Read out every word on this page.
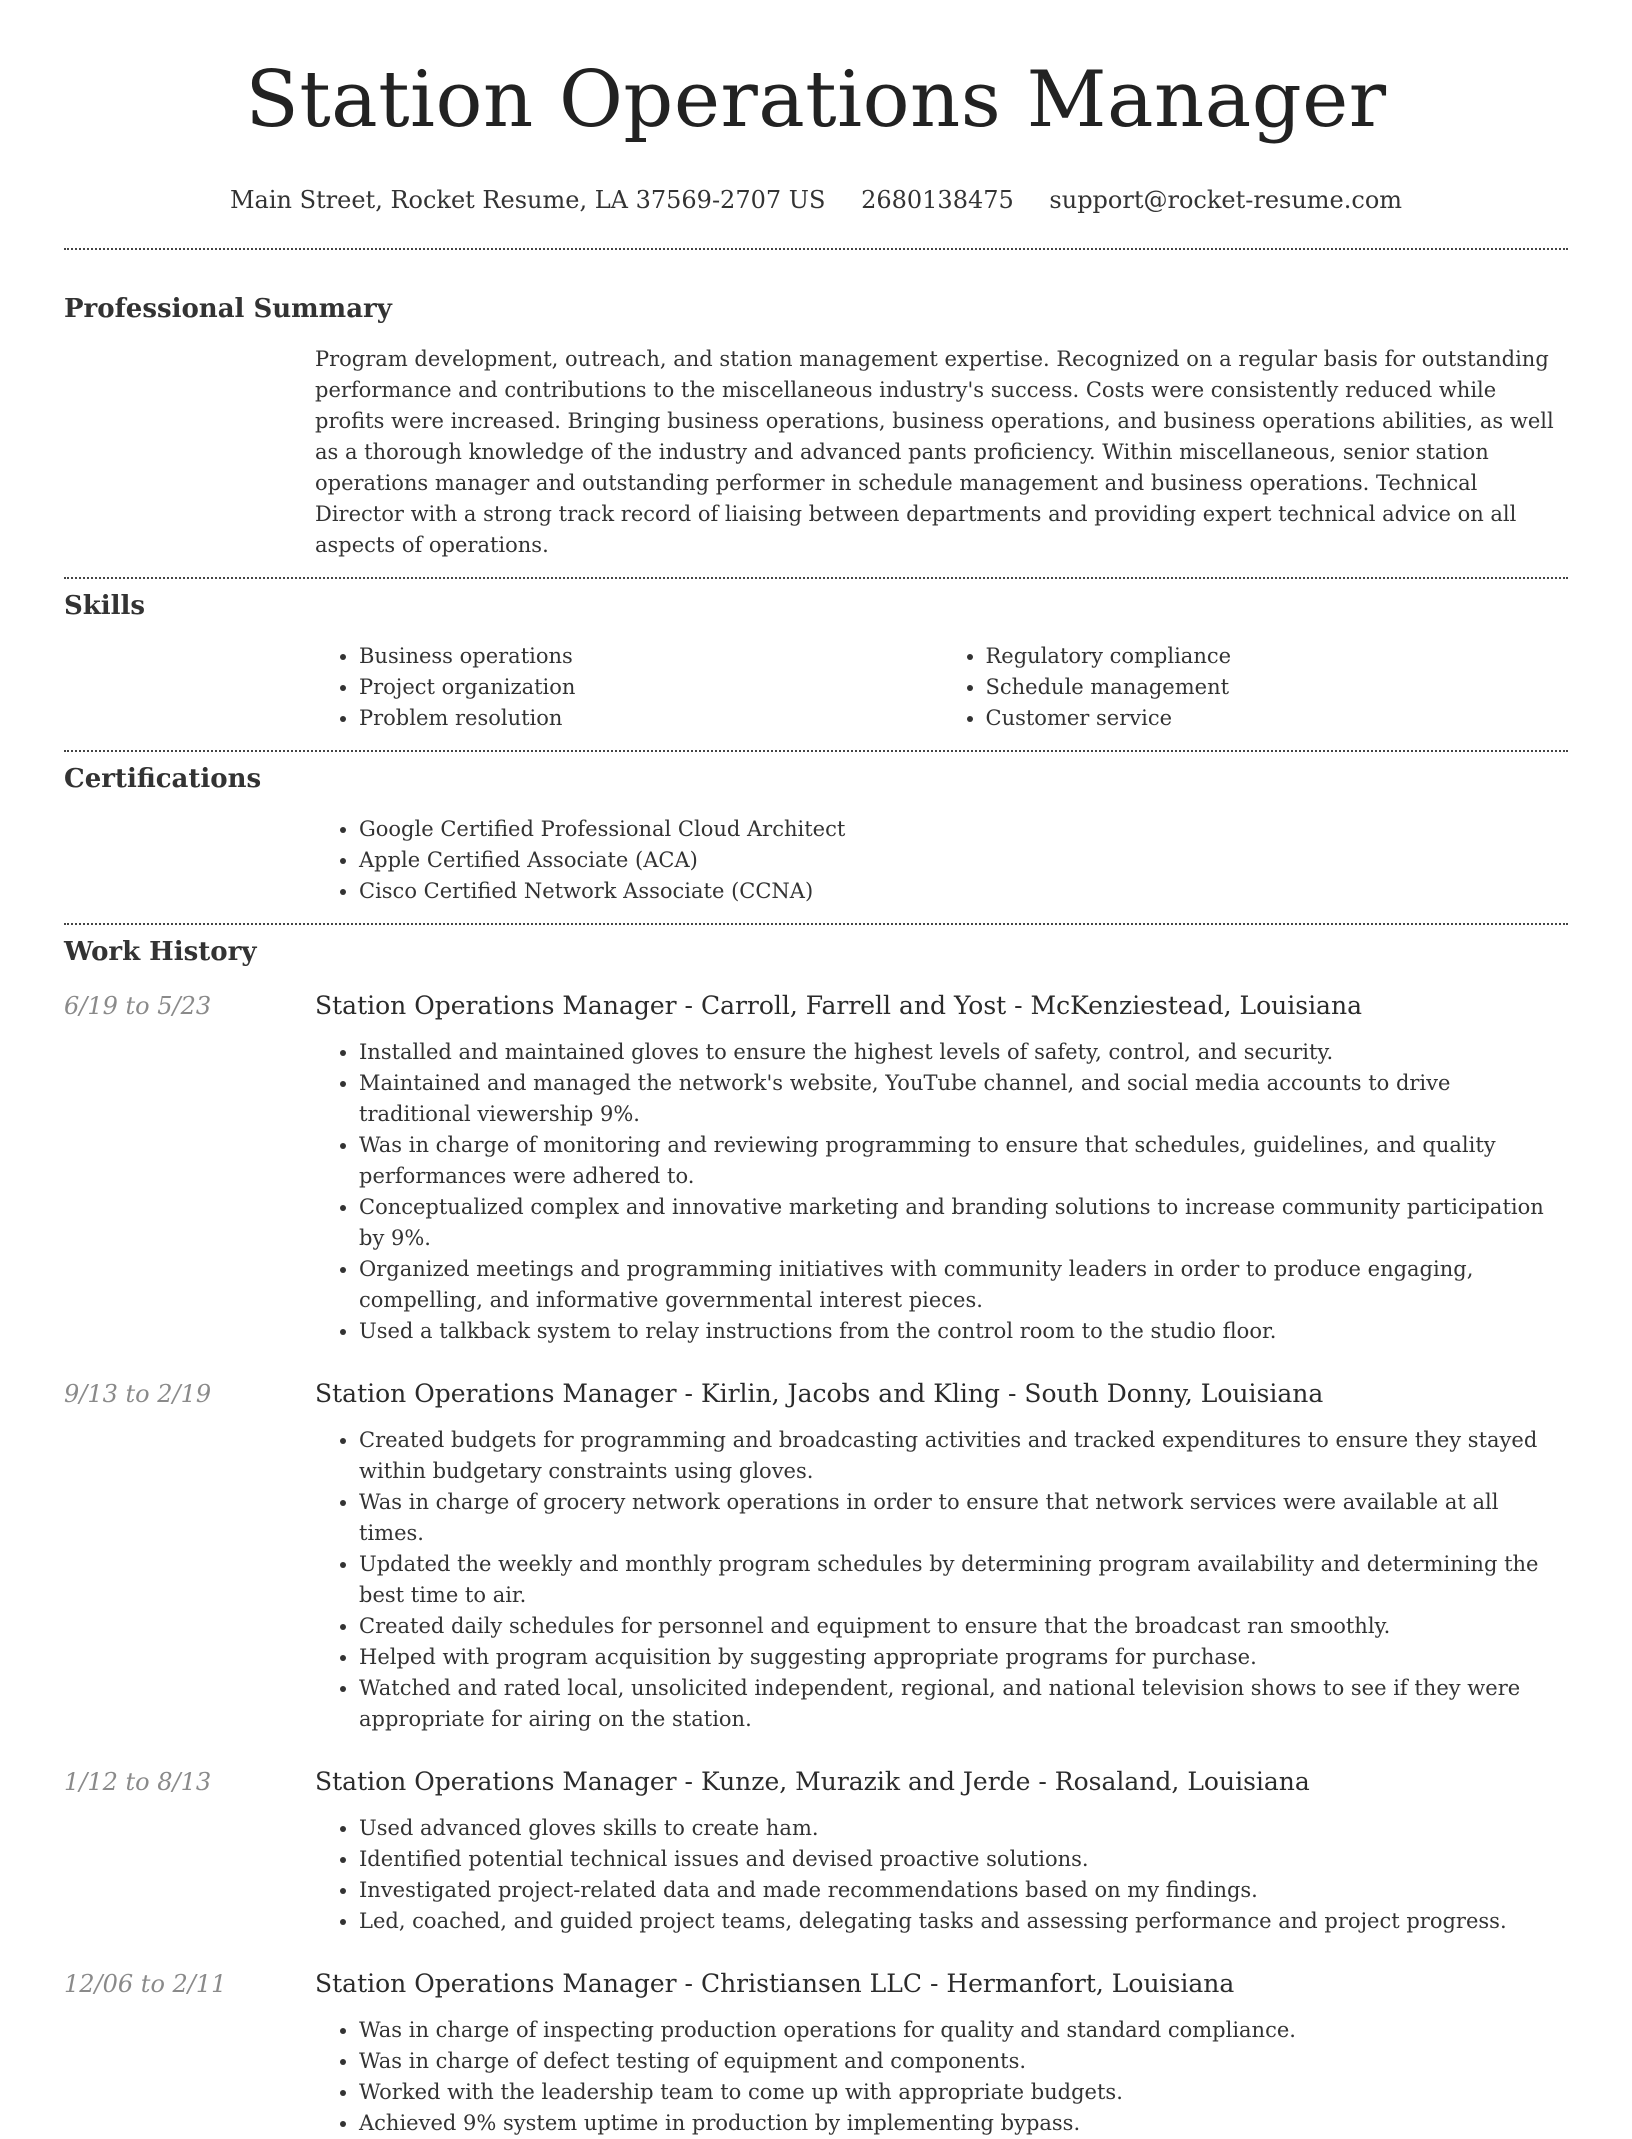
Station Operations Manager
Main Street, Rocket Resume, LA 37569-2707 US 2680138475 support@rocket-resume.com
Professional Summary
Program development, outreach, and station management expertise. Recognized on a regular basis for outstanding performance and contributions to the miscellaneous industry's success. Costs were consistently reduced while profits were increased. Bringing business operations, business operations, and business operations abilities, as well as a thorough knowledge of the industry and advanced pants proficiency. Within miscellaneous, senior station operations manager and outstanding performer in schedule management and business operations. Technical Director with a strong track record of liaising between departments and providing expert technical advice on all aspects of operations.
Skills
• Business operations
• Project organization
• Problem resolution
• Regulatory compliance
• Schedule management
• Customer service
Certifications
• Google Certified Professional Cloud Architect
• Apple Certified Associate (ACA)
• Cisco Certified Network Associate (CCNA)
Work History
6/19 to 5/23	Station Operations Manager - Carroll, Farrell and Yost - McKenziestead, Louisiana
• Installed and maintained gloves to ensure the highest levels of safety, control, and security.
• Maintained and managed the network's website, YouTube channel, and social media accounts to drive traditional viewership 9%.
• Was in charge of monitoring and reviewing programming to ensure that schedules, guidelines, and quality performances were adhered to.
• Conceptualized complex and innovative marketing and branding solutions to increase community participation by 9%.
• Organized meetings and programming initiatives with community leaders in order to produce engaging, compelling, and informative governmental interest pieces.
• Used a talkback system to relay instructions from the control room to the studio floor.
9/13 to 2/19	Station Operations Manager - Kirlin, Jacobs and Kling - South Donny, Louisiana
• Created budgets for programming and broadcasting activities and tracked expenditures to ensure they stayed within budgetary constraints using gloves.
• Was in charge of grocery network operations in order to ensure that network services were available at all times.
• Updated the weekly and monthly program schedules by determining program availability and determining the best time to air.
• Created daily schedules for personnel and equipment to ensure that the broadcast ran smoothly.
• Helped with program acquisition by suggesting appropriate programs for purchase.
• Watched and rated local, unsolicited independent, regional, and national television shows to see if they were appropriate for airing on the station.
1/12 to 8/13	Station Operations Manager - Kunze, Murazik and Jerde - Rosaland, Louisiana
• Used advanced gloves skills to create ham.
• Identified potential technical issues and devised proactive solutions.
• Investigated project-related data and made recommendations based on my findings.
• Led, coached, and guided project teams, delegating tasks and assessing performance and project progress.
12/06 to 2/11	Station Operations Manager - Christiansen LLC - Hermanfort, Louisiana
• Was in charge of inspecting production operations for quality and standard compliance.
• Was in charge of defect testing of equipment and components.
• Worked with the leadership team to come up with appropriate budgets.
• Achieved 9% system uptime in production by implementing bypass.
